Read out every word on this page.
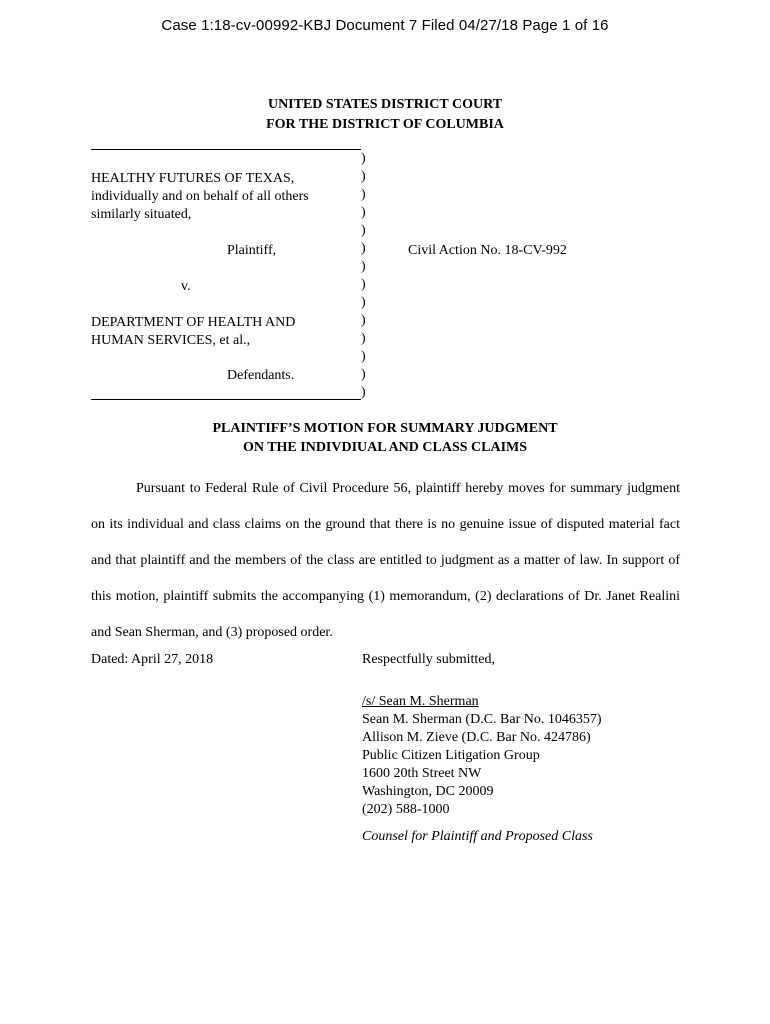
Case 1:18-cv-00992-KBJ Document 7 Filed 04/27/18 Page 1 of 16
UNITED STATES DISTRICT COURT
FOR THE DISTRICT OF COLUMBIA
)
)
)
)
)
)
)
)
)
)
)
)
)
)
HEALTHY FUTURES OF TEXAS,
individually and on behalf of all others
similarly situated,
Plaintiff,
v.
DEPARTMENT OF HEALTH AND
HUMAN SERVICES, et al.,
Defendants.
Civil Action No. 18-CV-992
PLAINTIFF’S MOTION FOR SUMMARY JUDGMENT
ON THE INDIVDIUAL AND CLASS CLAIMS

Pursuant to Federal Rule of Civil Procedure 56, plaintiff hereby moves for summary judgment on its individual and class claims on the ground that there is no genuine issue of disputed material fact and that plaintiff and the members of the class are entitled to judgment as a matter of law. In support of this motion, plaintiff submits the accompanying (1) memorandum, (2) declarations of Dr. Janet Realini and Sean Sherman, and (3) proposed order.

Dated: April 27, 2018	Respectfully submitted,
/s/ Sean M. Sherman
Sean M. Sherman (D.C. Bar No. 1046357)
Allison M. Zieve (D.C. Bar No. 424786)
Public Citizen Litigation Group
1600 20th Street NW
Washington, DC 20009
(202) 588-1000
Counsel for Plaintiff and Proposed Class
